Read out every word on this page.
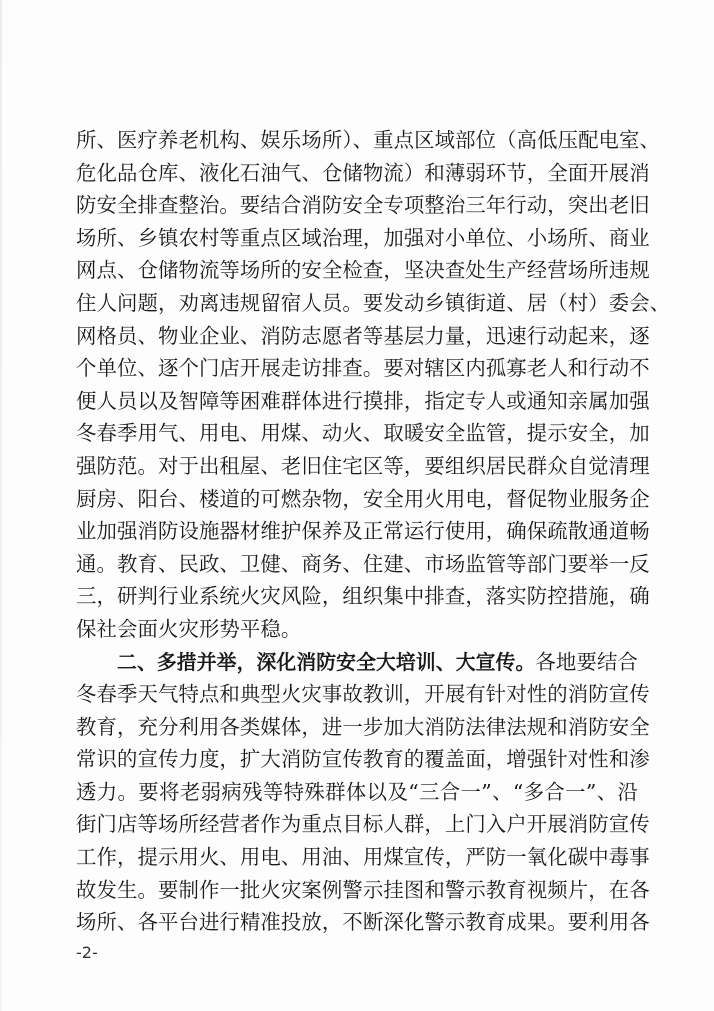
所、医疗养老机构、娱乐场所）、重点区域部位（高低压配电室、
危化品仓库、液化石油气、仓储物流）和薄弱环节，全面开展消
防安全排查整治。要结合消防安全专项整治三年行动，突出老旧
场所、乡镇农村等重点区域治理，加强对小单位、小场所、商业
网点、仓储物流等场所的安全检查，坚决查处生产经营场所违规
住人问题，劝离违规留宿人员。要发动乡镇街道、居（村）委会、
网格员、物业企业、消防志愿者等基层力量，迅速行动起来，逐
个单位、逐个门店开展走访排查。要对辖区内孤寡老人和行动不
便人员以及智障等困难群体进行摸排，指定专人或通知亲属加强
冬春季用气、用电、用煤、动火、取暖安全监管，提示安全，加
强防范。对于出租屋、老旧住宅区等，要组织居民群众自觉清理
厨房、阳台、楼道的可燃杂物，安全用火用电，督促物业服务企
业加强消防设施器材维护保养及正常运行使用，确保疏散通道畅
通。教育、民政、卫健、商务、住建、市场监管等部门要举一反
三，研判行业系统火灾风险，组织集中排查，落实防控措施，确
保社会面火灾形势平稳。
二、多措并举，深化消防安全大培训、大宣传。各地要结合
冬春季天气特点和典型火灾事故教训，开展有针对性的消防宣传
教育，充分利用各类媒体，进一步加大消防法律法规和消防安全
常识的宣传力度，扩大消防宣传教育的覆盖面，增强针对性和渗
透力。要将老弱病残等特殊群体以及“三合一”、“多合一”、沿
街门店等场所经营者作为重点目标人群，上门入户开展消防宣传
工作，提示用火、用电、用油、用煤宣传，严防一氧化碳中毒事
故发生。要制作一批火灾案例警示挂图和警示教育视频片，在各
场所、各平台进行精准投放，不断深化警示教育成果。要利用各
-2-
